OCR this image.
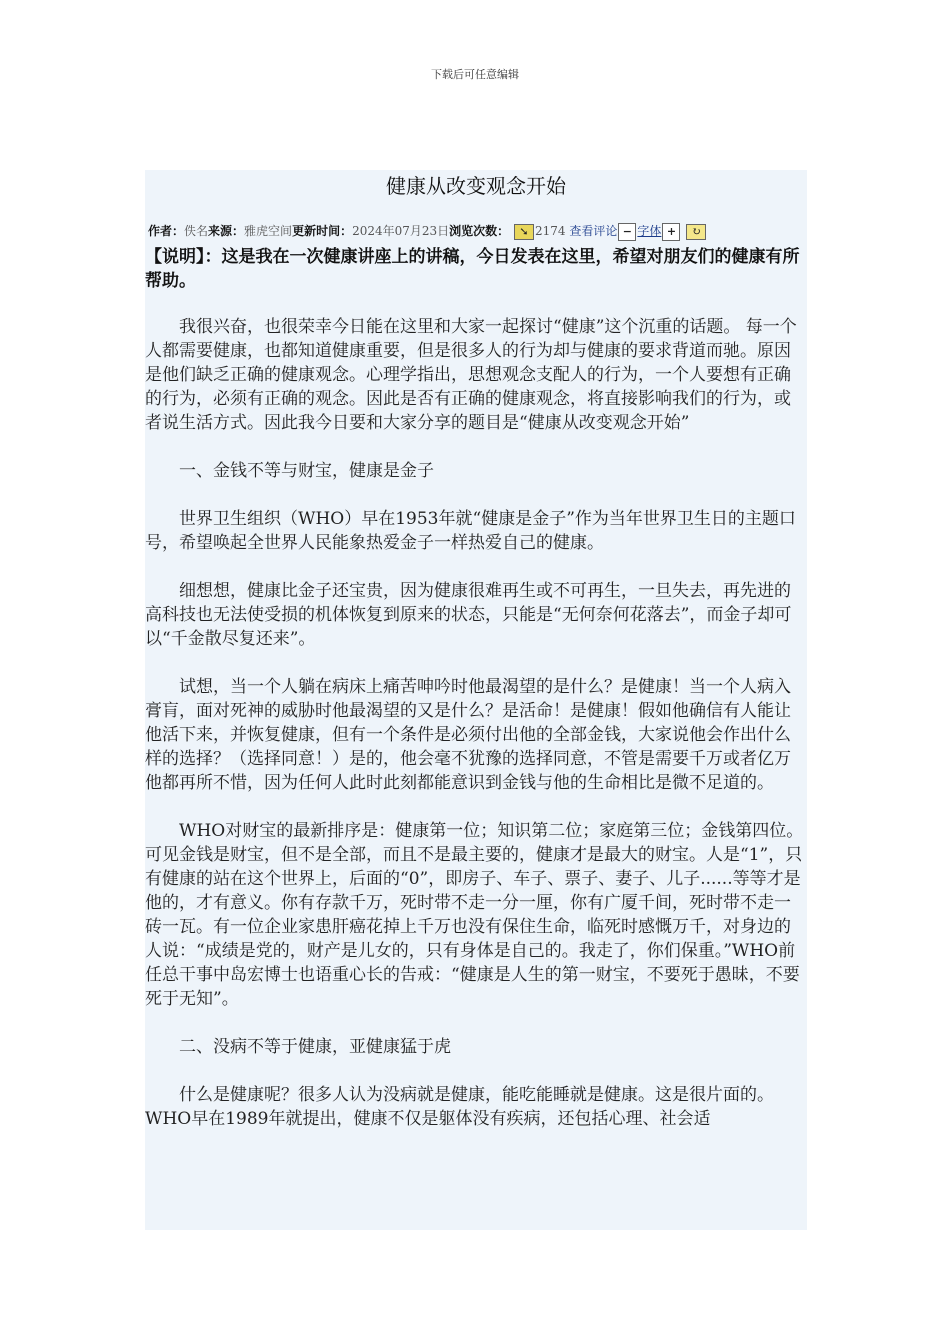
下载后可任意编辑
健康从改变观念开始
作者：佚名来源：雅虎空间更新时间：2024年07月23日浏览次数： ➘ 2174 查看评论 − 字体 + ↻
【说明】：这是我在一次健康讲座上的讲稿，今日发表在这里，希望对朋友们的健康有所帮助。

我很兴奋，也很荣幸今日能在这里和大家一起探讨“健康”这个沉重的话题。 每一个人都需要健康，也都知道健康重要，但是很多人的行为却与健康的要求背道而驰。原因是他们缺乏正确的健康观念。心理学指出，思想观念支配人的行为，一个人要想有正确的行为，必须有正确的观念。因此是否有正确的健康观念，将直接影响我们的行为，或者说生活方式。因此我今日要和大家分享的题目是“健康从改变观念开始”

一、金钱不等与财宝，健康是金子

世界卫生组织（WHO）早在1953年就“健康是金子”作为当年世界卫生日的主题口号，希望唤起全世界人民能象热爱金子一样热爱自己的健康。

细想想，健康比金子还宝贵，因为健康很难再生或不可再生，一旦失去，再先进的高科技也无法使受损的机体恢复到原来的状态，只能是“无何奈何花落去”，而金子却可以“千金散尽复还来”。

试想，当一个人躺在病床上痛苦呻吟时他最渴望的是什么？是健康！当一个人病入膏肓，面对死神的威胁时他最渴望的又是什么？是活命！是健康！假如他确信有人能让他活下来，并恢复健康，但有一个条件是必须付出他的全部金钱，大家说他会作出什么样的选择？（选择同意！）是的，他会毫不犹豫的选择同意，不管是需要千万或者亿万他都再所不惜，因为任何人此时此刻都能意识到金钱与他的生命相比是微不足道的。

WHO对财宝的最新排序是：健康第一位；知识第二位；家庭第三位；金钱第四位。可见金钱是财宝，但不是全部，而且不是最主要的，健康才是最大的财宝。人是“1”，只有健康的站在这个世界上，后面的“0”，即房子、车子、票子、妻子、儿子......等等才是他的，才有意义。你有存款千万，死时带不走一分一厘，你有广厦千间，死时带不走一砖一瓦。有一位企业家患肝癌花掉上千万也没有保住生命，临死时感慨万千，对身边的人说：“成绩是党的，财产是儿女的，只有身体是自己的。我走了，你们保重。”WHO前任总干事中岛宏博士也语重心长的告戒：“健康是人生的第一财宝，不要死于愚昧，不要死于无知”。

二、没病不等于健康，亚健康猛于虎

什么是健康呢？很多人认为没病就是健康，能吃能睡就是健康。这是很片面的。WHO早在1989年就提出，健康不仅是躯体没有疾病，还包括心理、社会适
